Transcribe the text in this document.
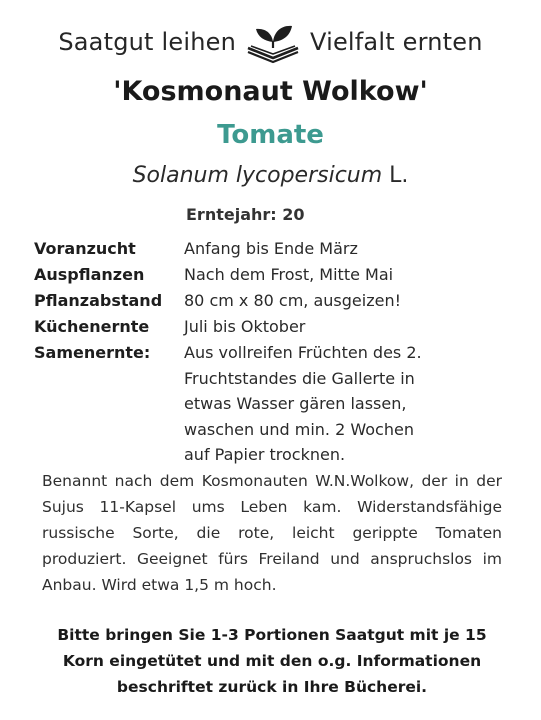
Saatgut leihen	Vielfalt ernten
'Kosmonaut Wolkow'
Tomate
Solanum lycopersicum L.
Erntejahr: 20
Voranzucht	Anfang bis Ende März
Auspflanzen	Nach dem Frost, Mitte Mai
Pflanzabstand	80 cm x 80 cm, ausgeizen!
Küchenernte	Juli bis Oktober
Samenernte:	Aus vollreifen Früchten des 2.
Fruchtstandes die Gallerte in
etwas Wasser gären lassen,
waschen und min. 2 Wochen
auf Papier trocknen.
Benannt nach dem Kosmonauten W.N.Wolkow, der in der Sujus 11-Kapsel ums Leben kam. Widerstandsfähige russische Sorte, die rote, leicht gerippte Tomaten produziert. Geeignet fürs Freiland und anspruchslos im Anbau. Wird etwa 1,5 m hoch.
Bitte bringen Sie 1-3 Portionen Saatgut mit je 15 Korn eingetütet und mit den o.g. Informationen beschriftet zurück in Ihre Bücherei.
